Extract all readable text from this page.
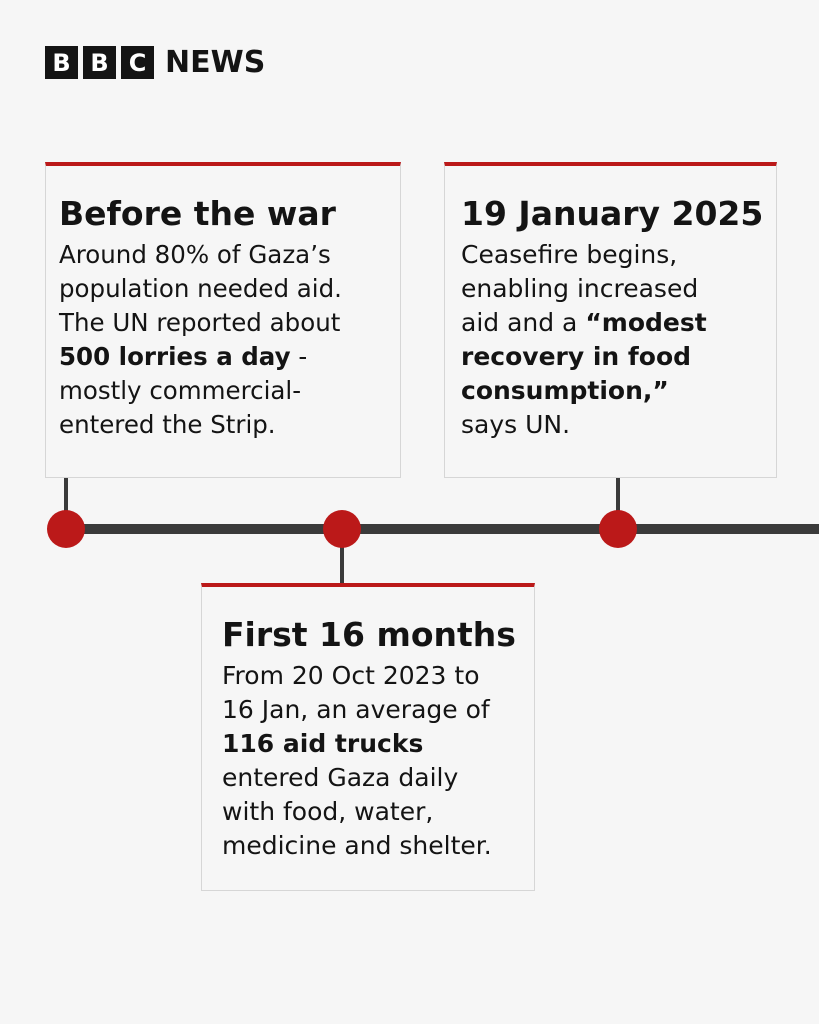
B B C NEWS
Before the war
Around 80% of Gaza’s
population needed aid.
The UN reported about
500 lorries a day -
mostly commercial-
entered the Strip.
19 January 2025
Ceasefire begins,
enabling increased
aid and a “modest
recovery in food
consumption,”
says UN.
First 16 months
From 20 Oct 2023 to
16 Jan, an average of
116 aid trucks
entered Gaza daily
with food, water,
medicine and shelter.
